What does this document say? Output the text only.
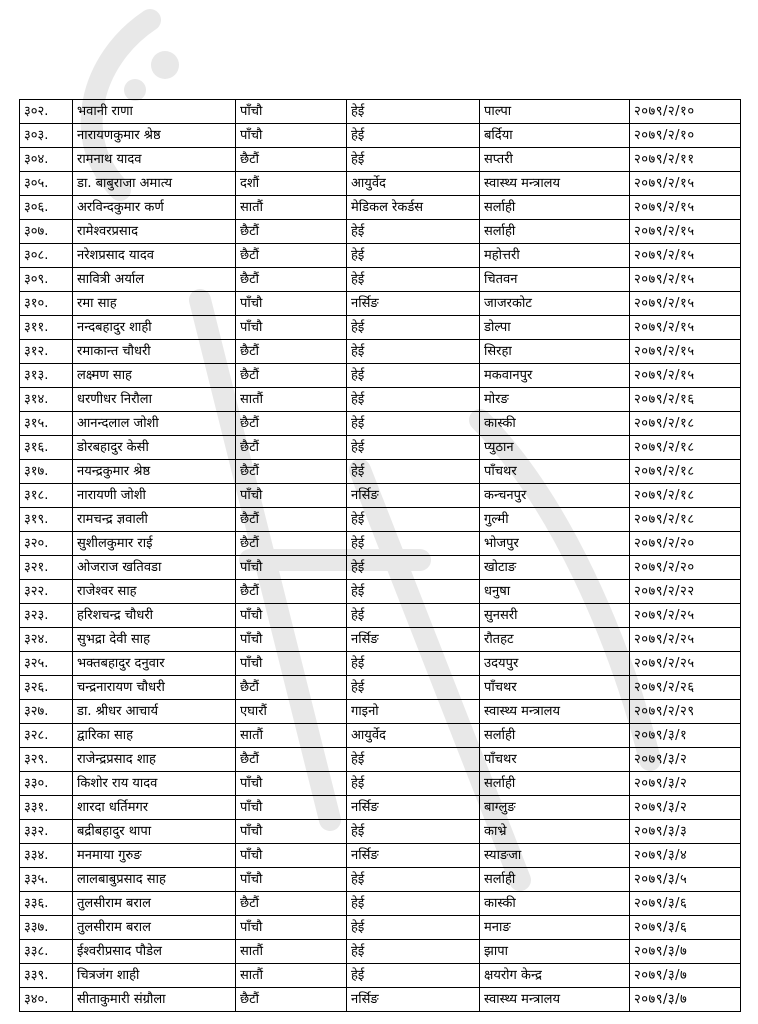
३०२.	भवानी राणा	पाँचौ	हेई	पाल्पा	२०७९/२/१०
३०३.	नारायणकुमार श्रेष्ठ	पाँचौ	हेई	बर्दिया	२०७९/२/१०
३०४.	रामनाथ यादव	छैटौं	हेई	सप्तरी	२०७९/२/११
३०५.	डा. बाबुराजा अमात्य	दशौं	आयुर्वेद	स्वास्थ्य मन्त्रालय	२०७९/२/१५
३०६.	अरविन्दकुमार कर्ण	सातौं	मेडिकल रेकर्डस	सर्लाही	२०७९/२/१५
३०७.	रामेश्वरप्रसाद	छैटौं	हेई	सर्लाही	२०७९/२/१५
३०८.	नरेशप्रसाद यादव	छैटौं	हेई	महोत्तरी	२०७९/२/१५
३०९.	सावित्री अर्याल	छैटौं	हेई	चितवन	२०७९/२/१५
३१०.	रमा साह	पाँचौ	नर्सिङ	जाजरकोट	२०७९/२/१५
३११.	नन्दबहादुर शाही	पाँचौ	हेई	डोल्पा	२०७९/२/१५
३१२.	रमाकान्त चौधरी	छैटौं	हेई	सिरहा	२०७९/२/१५
३१३.	लक्ष्मण साह	छैटौं	हेई	मकवानपुर	२०७९/२/१५
३१४.	धरणीधर निरौला	सातौं	हेई	मोरङ	२०७९/२/१६
३१५.	आनन्दलाल जोशी	छैटौं	हेई	कास्की	२०७९/२/१८
३१६.	डोरबहादुर केसी	छैटौं	हेई	प्युठान	२०७९/२/१८
३१७.	नयन्द्रकुमार श्रेष्ठ	छैटौं	हेई	पाँचथर	२०७९/२/१८
३१८.	नारायणी जोशी	पाँचौ	नर्सिङ	कन्चनपुर	२०७९/२/१८
३१९.	रामचन्द्र ज्ञवाली	छैटौं	हेई	गुल्मी	२०७९/२/१८
३२०.	सुशीलकुमार राई	छैटौं	हेई	भोजपुर	२०७९/२/२०
३२१.	ओजराज खतिवडा	पाँचौ	हेई	खोटाङ	२०७९/२/२०
३२२.	राजेश्वर साह	छैटौं	हेई	धनुषा	२०७९/२/२२
३२३.	हरिशचन्द्र चौधरी	पाँचौ	हेई	सुनसरी	२०७९/२/२५
३२४.	सुभद्रा देवी साह	पाँचौ	नर्सिङ	रौतहट	२०७९/२/२५
३२५.	भक्तबहादुर दनुवार	पाँचौ	हेई	उदयपुर	२०७९/२/२५
३२६.	चन्द्रनारायण चौधरी	छैटौं	हेई	पाँचथर	२०७९/२/२६
३२७.	डा. श्रीधर आचार्य	एघारौं	गाइनो	स्वास्थ्य मन्त्रालय	२०७९/२/२९
३२८.	द्वारिका साह	सातौं	आयुर्वेद	सर्लाही	२०७९/३/१
३२९.	राजेन्द्रप्रसाद शाह	छैटौं	हेई	पाँचथर	२०७९/३/२
३३०.	किशोर राय यादव	पाँचौ	हेई	सर्लाही	२०७९/३/२
३३१.	शारदा धर्तिमगर	पाँचौ	नर्सिङ	बाग्लुङ	२०७९/३/२
३३२.	बद्रीबहादुर थापा	पाँचौ	हेई	काभ्रे	२०७९/३/३
३३४.	मनमाया गुरुङ	पाँचौ	नर्सिङ	स्याङजा	२०७९/३/४
३३५.	लालबाबुप्रसाद साह	पाँचौ	हेई	सर्लाही	२०७९/३/५
३३६.	तुलसीराम बराल	छैटौं	हेई	कास्की	२०७९/३/६
३३७.	तुलसीराम बराल	पाँचौ	हेई	मनाङ	२०७९/३/६
३३८.	ईश्वरीप्रसाद पौडेल	सातौं	हेई	झापा	२०७९/३/७
३३९.	चित्रजंग शाही	सातौं	हेई	क्षयरोग केन्द्र	२०७९/३/७
३४०.	सीताकुमारी संग्रौला	छैटौं	नर्सिङ	स्वास्थ्य मन्त्रालय	२०७९/३/७
